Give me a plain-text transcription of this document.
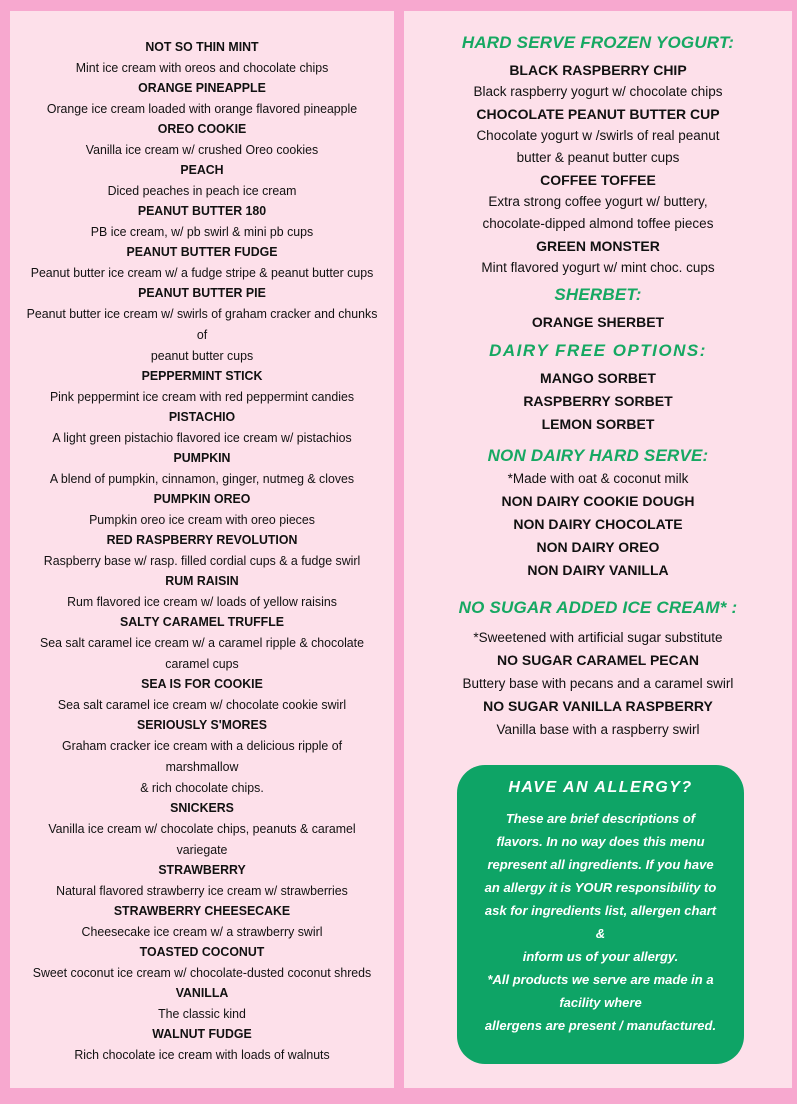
NOT SO THIN MINT
Mint ice cream with oreos and chocolate chips
ORANGE PINEAPPLE
Orange ice cream loaded with orange flavored pineapple
OREO COOKIE
Vanilla ice cream w/ crushed Oreo cookies
PEACH
Diced peaches in peach ice cream
PEANUT BUTTER 180
PB ice cream, w/ pb swirl & mini pb cups
PEANUT BUTTER FUDGE
Peanut butter ice cream w/ a fudge stripe & peanut butter cups
PEANUT BUTTER PIE
Peanut butter ice cream w/ swirls of graham cracker and chunks of
peanut butter cups
PEPPERMINT STICK
Pink peppermint ice cream with red peppermint candies
PISTACHIO
A light green pistachio flavored ice cream w/ pistachios
PUMPKIN
A blend of pumpkin, cinnamon, ginger, nutmeg & cloves
PUMPKIN OREO
Pumpkin oreo ice cream with oreo pieces
RED RASPBERRY REVOLUTION
Raspberry base w/ rasp. filled cordial cups & a fudge swirl
RUM RAISIN
Rum flavored ice cream w/ loads of yellow raisins
SALTY CARAMEL TRUFFLE
Sea salt caramel ice cream w/ a caramel ripple & chocolate
caramel cups
SEA IS FOR COOKIE
Sea salt caramel ice cream w/ chocolate cookie swirl
SERIOUSLY S'MORES
Graham cracker ice cream with a delicious ripple of marshmallow
& rich chocolate chips.
SNICKERS
Vanilla ice cream w/ chocolate chips, peanuts & caramel variegate
STRAWBERRY
Natural flavored strawberry ice cream w/ strawberries
STRAWBERRY CHEESECAKE
Cheesecake ice cream w/ a strawberry swirl
TOASTED COCONUT
Sweet coconut ice cream w/ chocolate-dusted coconut shreds
VANILLA
The classic kind
WALNUT FUDGE
Rich chocolate ice cream with loads of walnuts
HARD SERVE FROZEN YOGURT:
BLACK RASPBERRY CHIP
Black raspberry yogurt w/ chocolate chips
CHOCOLATE PEANUT BUTTER CUP
Chocolate yogurt w /swirls of real peanut
butter & peanut butter cups
COFFEE TOFFEE
Extra strong coffee yogurt w/ buttery,
chocolate-dipped almond toffee pieces
GREEN MONSTER
Mint flavored yogurt w/ mint choc. cups
SHERBET:
ORANGE SHERBET
DAIRY FREE OPTIONS:
MANGO SORBET
RASPBERRY SORBET
LEMON SORBET
NON DAIRY HARD SERVE:
*Made with oat & coconut milk
NON DAIRY COOKIE DOUGH
NON DAIRY CHOCOLATE
NON DAIRY OREO
NON DAIRY VANILLA
NO SUGAR ADDED ICE CREAM* :
*Sweetened with artificial sugar substitute
NO SUGAR CARAMEL PECAN
Buttery base with pecans and a caramel swirl
NO SUGAR VANILLA RASPBERRY
Vanilla base with a raspberry swirl
HAVE AN ALLERGY?
These are brief descriptions of
flavors. In no way does this menu
represent all ingredients. If you have
an allergy it is YOUR responsibility to
ask for ingredients list, allergen chart
&
inform us of your allergy.
*All products we serve are made in a
facility where
allergens are present / manufactured.
